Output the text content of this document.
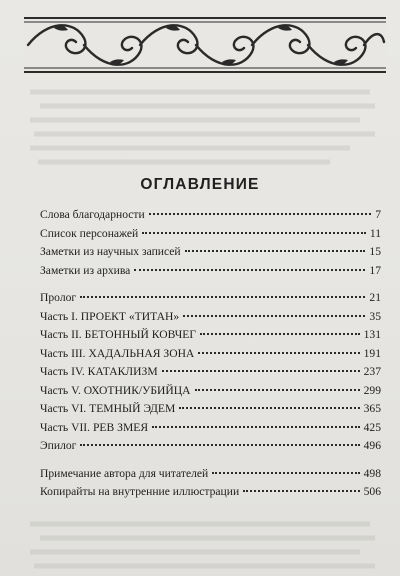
ОГЛАВЛЕНИЕ
Слова благодарности	7
Список персонажей	11
Заметки из научных записей	15
Заметки из архива	17
Пролог	21
Часть I. ПРОЕКТ «ТИТАН»	35
Часть II. БЕТОННЫЙ КОВЧЕГ	131
Часть III. ХАДАЛЬНАЯ ЗОНА	191
Часть IV. КАТАКЛИЗМ	237
Часть V. ОХОТНИК/УБИЙЦА	299
Часть VI. ТЕМНЫЙ ЭДЕМ	365
Часть VII. РЕВ ЗМЕЯ	425
Эпилог	496
Примечание автора для читателей	498
Копирайты на внутренние иллюстрации	506
